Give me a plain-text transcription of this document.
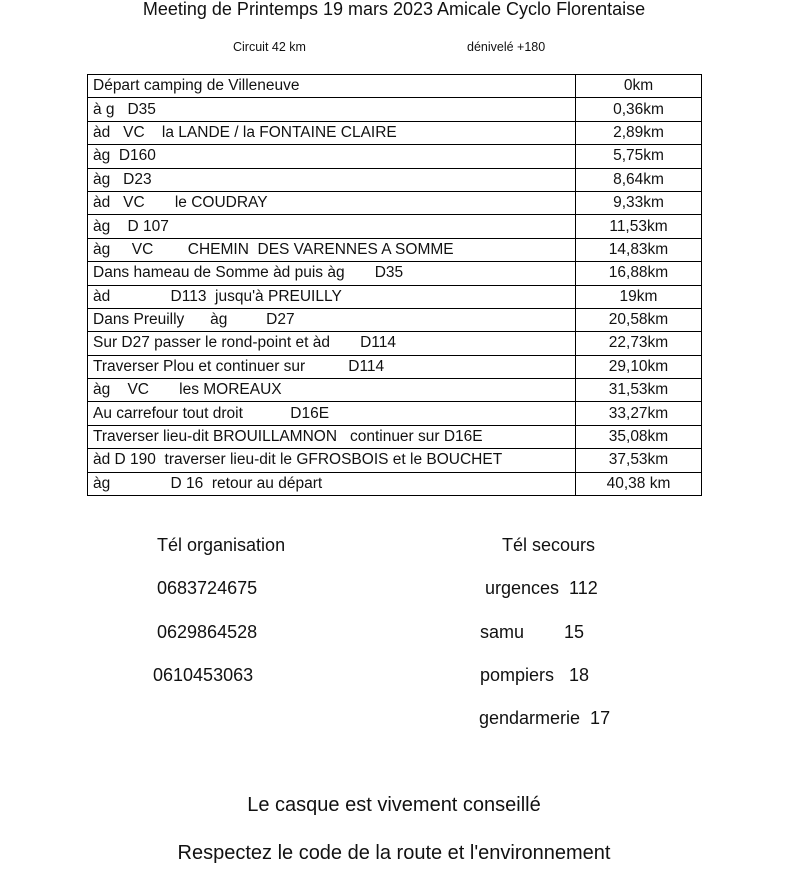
Meeting de Printemps 19 mars 2023 Amicale Cyclo Florentaise
Circuit 42 km	dénivelé +180
Départ camping de Villeneuve	0km
à g   D35	0,36km
àd   VC    la LANDE / la FONTAINE CLAIRE	2,89km
àg  D160	5,75km
àg   D23	8,64km
àd   VC       le COUDRAY	9,33km
àg    D 107	11,53km
àg     VC        CHEMIN  DES VARENNES A SOMME	14,83km
Dans hameau de Somme àd puis àg       D35	16,88km
àd              D113  jusqu'à PREUILLY	19km
Dans Preuilly      àg         D27	20,58km
Sur D27 passer le rond-point et àd       D114	22,73km
Traverser Plou et continuer sur          D114	29,10km
àg    VC       les MOREAUX	31,53km
Au carrefour tout droit           D16E	33,27km
Traverser lieu-dit BROUILLAMNON   continuer sur D16E	35,08km
àd D 190  traverser lieu-dit le GFROSBOIS et le BOUCHET	37,53km
àg              D 16  retour au départ	40,38 km
Tél organisation
0683724675
0629864528
0610453063
Tél secours
urgences  112
samu        15
pompiers   18
gendarmerie  17
Le casque est vivement conseillé
Respectez le code de la route et l'environnement
